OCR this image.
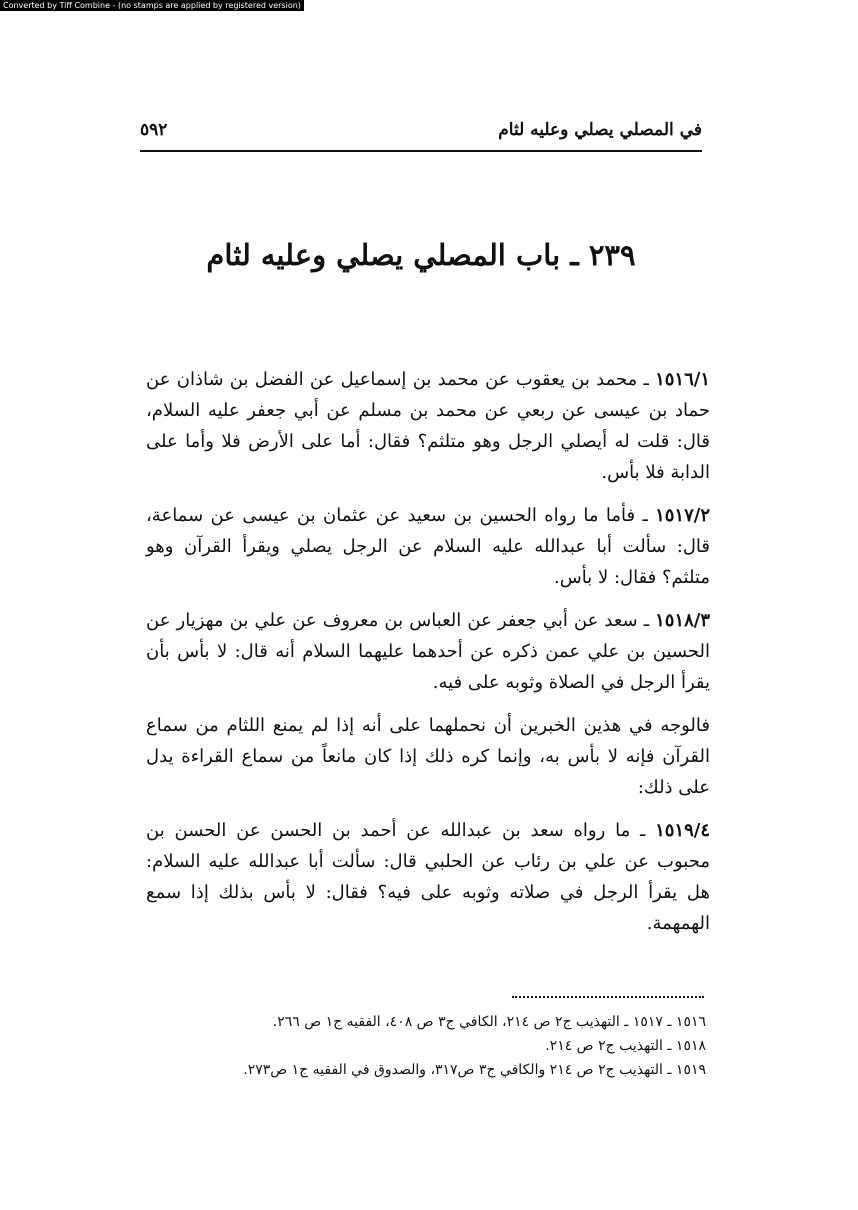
Converted by Tiff Combine - (no stamps are applied by registered version)
في المصلي يصلي وعليه لثام
٥٩٢
٢٣٩ ـ باب المصلي يصلي وعليه لثام

١٥١٦/١ ـ محمد بن يعقوب عن محمد بن إسماعيل عن الفضل بن شاذان عن حماد بن عيسى عن ربعي عن محمد بن مسلم عن أبي جعفر عليه السلام، قال: قلت له أيصلي الرجل وهو متلثم؟ فقال: أما على الأرض فلا وأما على الدابة فلا بأس.

١٥١٧/٢ ـ فأما ما رواه الحسين بن سعيد عن عثمان بن عيسى عن سماعة، قال: سألت أبا عبدالله عليه السلام عن الرجل يصلي ويقرأ القرآن وهو متلثم؟ فقال: لا بأس.

١٥١٨/٣ ـ سعد عن أبي جعفر عن العباس بن معروف عن علي بن مهزيار عن الحسين بن علي عمن ذكره عن أحدهما عليهما السلام أنه قال: لا بأس بأن يقرأ الرجل في الصلاة وثوبه على فيه.

فالوجه في هذين الخبرين أن نحملهما على أنه إذا لم يمنع اللثام من سماع القرآن فإنه لا بأس به، وإنما كره ذلك إذا كان مانعاً من سماع القراءة يدل على ذلك:

١٥١٩/٤ ـ ما رواه سعد بن عبدالله عن أحمد بن الحسن عن الحسن بن محبوب عن علي بن رئاب عن الحلبي قال: سألت أبا عبدالله عليه السلام: هل يقرأ الرجل في صلاته وثوبه على فيه؟ فقال: لا بأس بذلك إذا سمع الهمهمة.

١٥١٦ ـ ١٥١٧ ـ التهذيب ج٢ ص ٢١٤، الكافي ج٣ ص ٤٠٨، الفقيه ج١ ص ٢٦٦.
١٥١٨ ـ التهذيب ج٢ ص ٢١٤.
١٥١٩ ـ التهذيب ج٢ ص ٢١٤ والكافي ج٣ ص٣١٧، والصدوق في الفقيه ج١ ص٢٧٣.
